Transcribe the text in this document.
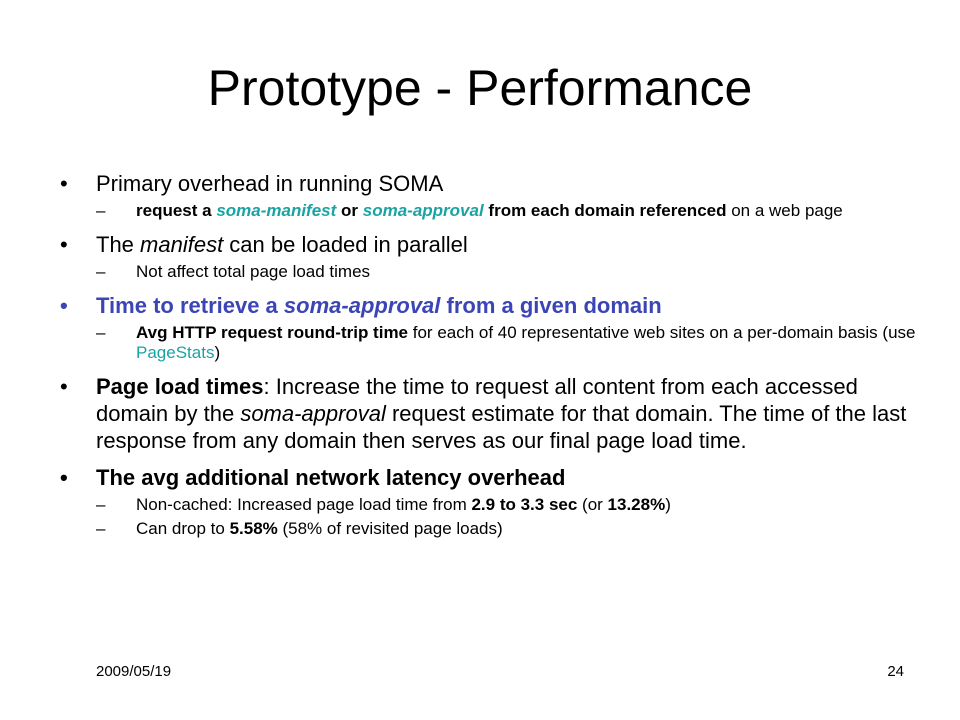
Prototype - Performance
• Primary overhead in running SOMA
– request a soma-manifest or soma-approval from each domain referenced on a web page
• The manifest can be loaded in parallel
– Not affect total page load times
• Time to retrieve a soma-approval from a given domain
– Avg HTTP request round-trip time for each of 40 representative web sites on a per-domain basis (use PageStats)
• Page load times: Increase the time to request all content from each accessed domain by the soma-approval request estimate for that domain. The time of the last response from any domain then serves as our final page load time.
• The avg additional network latency overhead
– Non-cached: Increased page load time from 2.9 to 3.3 sec (or 13.28%)
– Can drop to 5.58% (58% of revisited page loads)
2009/05/19	24
